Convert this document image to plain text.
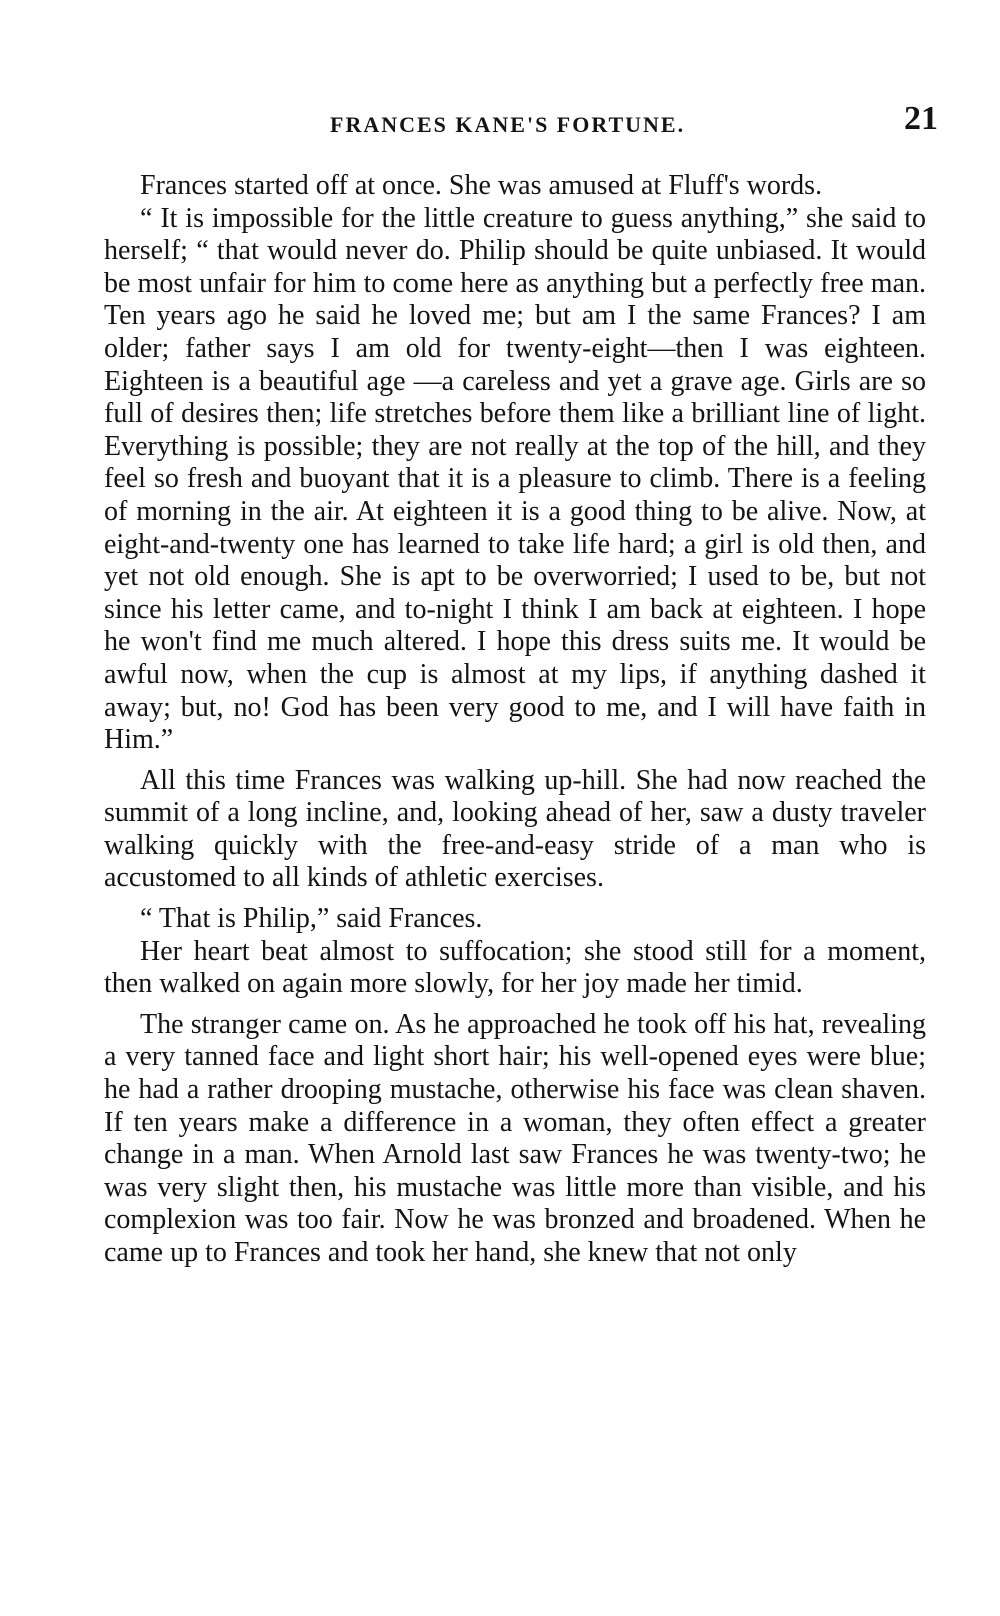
FRANCES KANE'S FORTUNE.	21

Frances started off at once. She was amused at Fluff's words.

“ It is impossible for the little creature to guess anything,” she said to herself; “ that would never do. Philip should be quite unbiased. It would be most unfair for him to come here as anything but a perfectly free man. Ten years ago he said he loved me; but am I the same Frances? I am older; father says I am old for twenty-eight—then I was eighteen. Eighteen is a beautiful age —a careless and yet a grave age. Girls are so full of desires then; life stretches before them like a brilliant line of light. Everything is possible; they are not really at the top of the hill, and they feel so fresh and buoyant that it is a pleasure to climb. There is a feeling of morning in the air. At eighteen it is a good thing to be alive. Now, at eight-and-twenty one has learned to take life hard; a girl is old then, and yet not old enough. She is apt to be overworried; I used to be, but not since his letter came, and to-night I think I am back at eighteen. I hope he won't find me much altered. I hope this dress suits me. It would be awful now, when the cup is almost at my lips, if anything dashed it away; but, no! God has been very good to me, and I will have faith in Him.”

All this time Frances was walking up-hill. She had now reached the summit of a long incline, and, looking ahead of her, saw a dusty traveler walking quickly with the free-and-easy stride of a man who is accustomed to all kinds of athletic exercises.

“ That is Philip,” said Frances.

Her heart beat almost to suffocation; she stood still for a moment, then walked on again more slowly, for her joy made her timid.

The stranger came on. As he approached he took off his hat, revealing a very tanned face and light short hair; his well-opened eyes were blue; he had a rather drooping mustache, otherwise his face was clean shaven. If ten years make a difference in a woman, they often effect a greater change in a man. When Arnold last saw Frances he was twenty-two; he was very slight then, his mustache was little more than visible, and his complexion was too fair. Now he was bronzed and broadened. When he came up to Frances and took her hand, she knew that not only
